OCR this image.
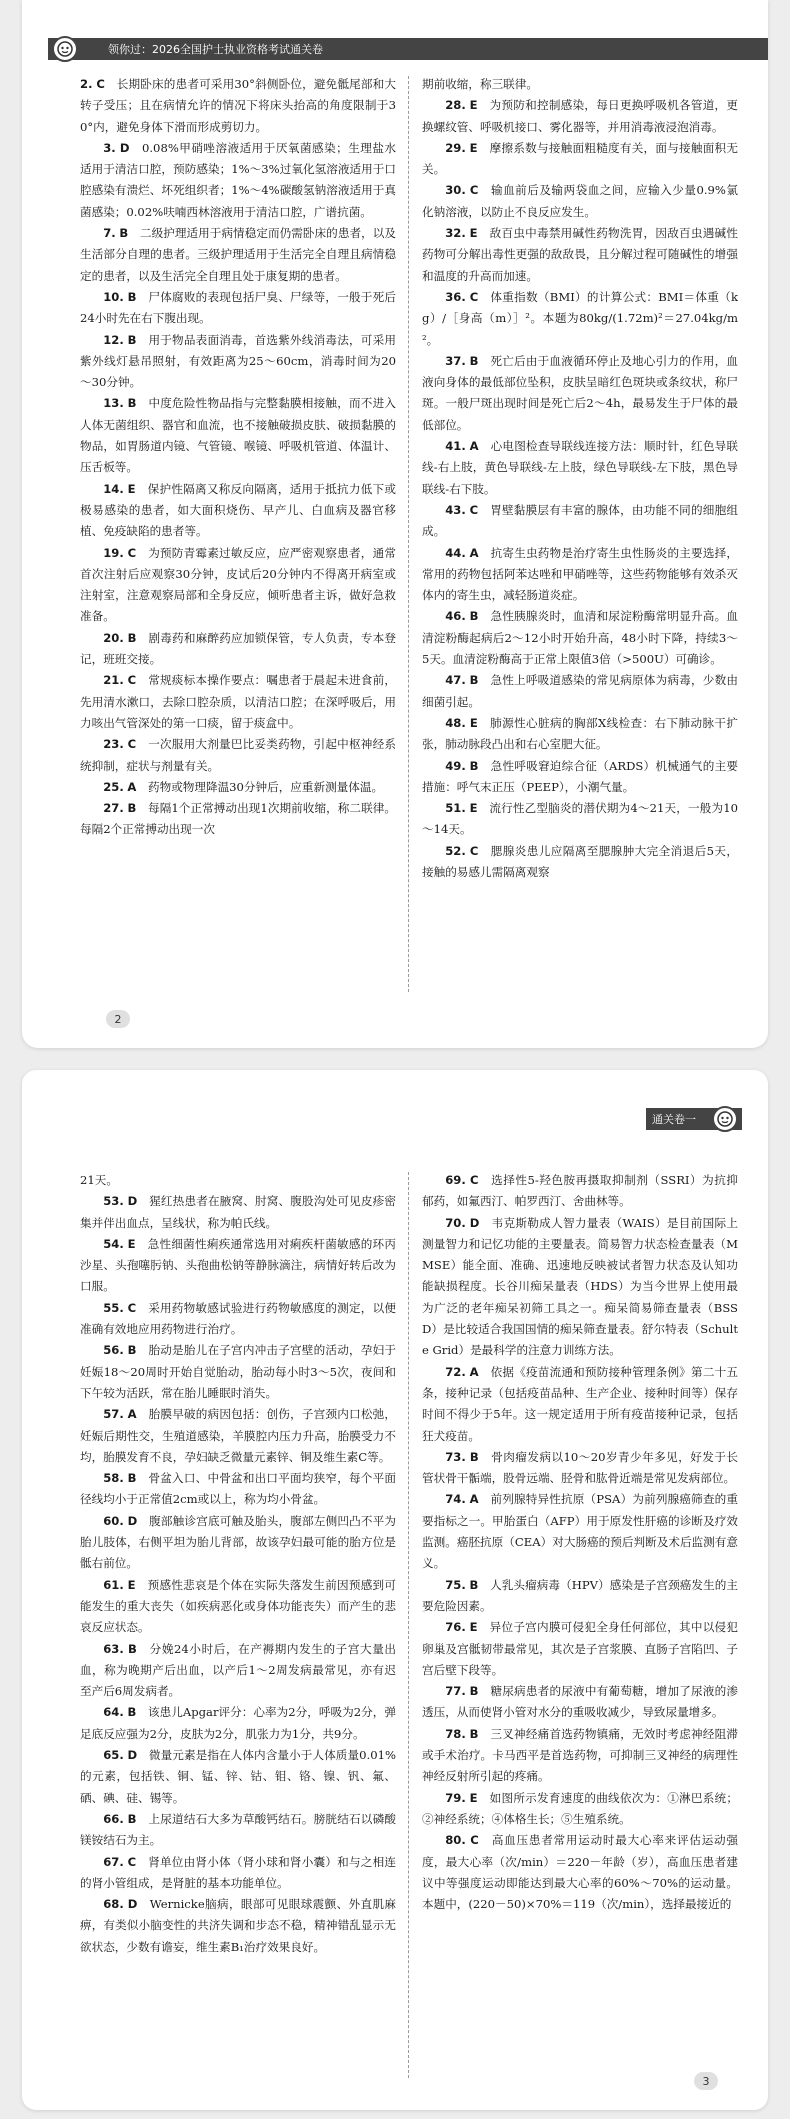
领你过：2026全国护士执业资格考试通关卷

2. C　 长期卧床的患者可采用30°斜侧卧位，避免骶尾部和大转子受压；且在病情允许的情况下将床头抬高的角度限制于30°内，避免身体下滑而形成剪切力。

3. D　 0.08%甲硝唑溶液适用于厌氧菌感染；生理盐水适用于清洁口腔，预防感染；1%～3%过氧化氢溶液适用于口腔感染有溃烂、坏死组织者；1%～4%碳酸氢钠溶液适用于真菌感染；0.02%呋喃西林溶液用于清洁口腔，广谱抗菌。

7. B　 二级护理适用于病情稳定而仍需卧床的患者，以及生活部分自理的患者。三级护理适用于生活完全自理且病情稳定的患者，以及生活完全自理且处于康复期的患者。

10. B　 尸体腐败的表现包括尸臭、尸绿等，一般于死后24小时先在右下腹出现。

12. B　 用于物品表面消毒，首选紫外线消毒法，可采用紫外线灯悬吊照射，有效距离为25～60cm，消毒时间为20～30分钟。

13. B　 中度危险性物品指与完整黏膜相接触，而不进入人体无菌组织、器官和血流，也不接触破损皮肤、破损黏膜的物品，如胃肠道内镜、气管镜、喉镜、呼吸机管道、体温计、压舌板等。

14. E　 保护性隔离又称反向隔离，适用于抵抗力低下或极易感染的患者，如大面积烧伤、早产儿、白血病及器官移植、免疫缺陷的患者等。

19. C　 为预防青霉素过敏反应，应严密观察患者，通常首次注射后应观察30分钟，皮试后20分钟内不得离开病室或注射室，注意观察局部和全身反应，倾听患者主诉，做好急救准备。

20. B　 剧毒药和麻醉药应加锁保管，专人负责，专本登记，班班交接。

21. C　 常规痰标本操作要点：嘱患者于晨起未进食前，先用清水漱口，去除口腔杂质，以清洁口腔；在深呼吸后，用力咳出气管深处的第一口痰，留于痰盒中。

23. C　 一次服用大剂量巴比妥类药物，引起中枢神经系统抑制，症状与剂量有关。

25. A　 药物或物理降温30分钟后，应重新测量体温。

27. B　 每隔1个正常搏动出现1次期前收缩，称二联律。每隔2个正常搏动出现一次

期前收缩，称三联律。

28. E　 为预防和控制感染，每日更换呼吸机各管道，更换螺纹管、呼吸机接口、雾化器等，并用消毒液浸泡消毒。

29. E　 摩擦系数与接触面粗糙度有关，面与接触面积无关。

30. C　 输血前后及输两袋血之间，应输入少量0.9%氯化钠溶液，以防止不良反应发生。

32. E　 敌百虫中毒禁用碱性药物洗胃，因敌百虫遇碱性药物可分解出毒性更强的敌敌畏，且分解过程可随碱性的增强和温度的升高而加速。

36. C　 体重指数（BMI）的计算公式：BMI＝体重（kg）/［身高（m）］²。本题为80kg/(1.72m)²＝27.04kg/m²。

37. B　 死亡后由于血液循环停止及地心引力的作用，血液向身体的最低部位坠积，皮肤呈暗红色斑块或条纹状，称尸斑。一般尸斑出现时间是死亡后2～4h，最易发生于尸体的最低部位。

41. A　 心电图检查导联线连接方法：顺时针，红色导联线-右上肢，黄色导联线-左上肢，绿色导联线-左下肢，黑色导联线-右下肢。

43. C　 胃壁黏膜层有丰富的腺体，由功能不同的细胞组成。

44. A　 抗寄生虫药物是治疗寄生虫性肠炎的主要选择，常用的药物包括阿苯达唑和甲硝唑等，这些药物能够有效杀灭体内的寄生虫，减轻肠道炎症。

46. B　 急性胰腺炎时，血清和尿淀粉酶常明显升高。血清淀粉酶起病后2～12小时开始升高，48小时下降，持续3～5天。血清淀粉酶高于正常上限值3倍（>500U）可确诊。

47. B　 急性上呼吸道感染的常见病原体为病毒，少数由细菌引起。

48. E　 肺源性心脏病的胸部X线检查：右下肺动脉干扩张，肺动脉段凸出和右心室肥大征。

49. B　 急性呼吸窘迫综合征（ARDS）机械通气的主要措施：呼气末正压（PEEP），小潮气量。

51. E　 流行性乙型脑炎的潜伏期为4～21天，一般为10～14天。

52. C　 腮腺炎患儿应隔离至腮腺肿大完全消退后5天，接触的易感儿需隔离观察

2
通关卷一

21天。

53. D　 猩红热患者在腋窝、肘窝、腹股沟处可见皮疹密集并伴出血点，呈线状，称为帕氏线。

54. E　 急性细菌性痢疾通常选用对痢疾杆菌敏感的环丙沙星、头孢噻肟钠、头孢曲松钠等静脉滴注，病情好转后改为口服。

55. C　 采用药物敏感试验进行药物敏感度的测定，以便准确有效地应用药物进行治疗。

56. B　 胎动是胎儿在子宫内冲击子宫壁的活动，孕妇于妊娠18～20周时开始自觉胎动，胎动每小时3～5次，夜间和下午较为活跃，常在胎儿睡眠时消失。

57. A　 胎膜早破的病因包括：创伤，子宫颈内口松弛，妊娠后期性交，生殖道感染，羊膜腔内压力升高，胎膜受力不均，胎膜发育不良，孕妇缺乏微量元素锌、铜及维生素C等。

58. B　 骨盆入口、中骨盆和出口平面均狭窄，每个平面径线均小于正常值2cm或以上，称为均小骨盆。

60. D　 腹部触诊宫底可触及胎头，腹部左侧凹凸不平为胎儿肢体，右侧平坦为胎儿背部，故该孕妇最可能的胎方位是骶右前位。

61. E　 预感性悲哀是个体在实际失落发生前因预感到可能发生的重大丧失（如疾病恶化或身体功能丧失）而产生的悲哀反应状态。

63. B　 分娩24小时后，在产褥期内发生的子宫大量出血，称为晚期产后出血，以产后1～2周发病最常见，亦有迟至产后6周发病者。

64. B　 该患儿Apgar评分：心率为2分，呼吸为2分，弹足底反应强为2分，皮肤为2分，肌张力为1分，共9分。

65. D　 微量元素是指在人体内含量小于人体质量0.01%的元素，包括铁、铜、锰、锌、钴、钼、铬、镍、钒、氟、硒、碘、硅、锡等。

66. B　 上尿道结石大多为草酸钙结石。膀胱结石以磷酸镁铵结石为主。

67. C　 肾单位由肾小体（肾小球和肾小囊）和与之相连的肾小管组成，是肾脏的基本功能单位。

68. D　 Wernicke脑病，眼部可见眼球震颤、外直肌麻痹，有类似小脑变性的共济失调和步态不稳，精神错乱显示无欲状态，少数有谵妄，维生素B₁治疗效果良好。

69. C　 选择性5-羟色胺再摄取抑制剂（SSRI）为抗抑郁药，如氟西汀、帕罗西汀、舍曲林等。

70. D　 韦克斯勒成人智力量表（WAIS）是目前国际上测量智力和记忆功能的主要量表。简易智力状态检查量表（MMSE）能全面、准确、迅速地反映被试者智力状态及认知功能缺损程度。长谷川痴呆量表（HDS）为当今世界上使用最为广泛的老年痴呆初筛工具之一。痴呆简易筛查量表（BSSD）是比较适合我国国情的痴呆筛查量表。舒尔特表（Schulte Grid）是最科学的注意力训练方法。

72. A　 依据《疫苗流通和预防接种管理条例》第二十五条，接种记录（包括疫苗品种、生产企业、接种时间等）保存时间不得少于5年。这一规定适用于所有疫苗接种记录，包括狂犬疫苗。

73. B　 骨肉瘤发病以10～20岁青少年多见，好发于长管状骨干骺端，股骨远端、胫骨和肱骨近端是常见发病部位。

74. A　 前列腺特异性抗原（PSA）为前列腺癌筛查的重要指标之一。甲胎蛋白（AFP）用于原发性肝癌的诊断及疗效监测。癌胚抗原（CEA）对大肠癌的预后判断及术后监测有意义。

75. B　 人乳头瘤病毒（HPV）感染是子宫颈癌发生的主要危险因素。

76. E　 异位子宫内膜可侵犯全身任何部位，其中以侵犯卵巢及宫骶韧带最常见，其次是子宫浆膜、直肠子宫陷凹、子宫后壁下段等。

77. B　 糖尿病患者的尿液中有葡萄糖，增加了尿液的渗透压，从而使肾小管对水分的重吸收减少，导致尿量增多。

78. B　 三叉神经痛首选药物镇痛，无效时考虑神经阻滞或手术治疗。卡马西平是首选药物，可抑制三叉神经的病理性神经反射所引起的疼痛。

79. E　 如图所示发育速度的曲线依次为：①淋巴系统；②神经系统；④体格生长；⑤生殖系统。

80. C　 高血压患者常用运动时最大心率来评估运动强度，最大心率（次/min）＝220－年龄（岁），高血压患者建议中等强度运动即能达到最大心率的60%～70%的运动量。本题中，(220－50)×70%＝119（次/min），选择最接近的

3
